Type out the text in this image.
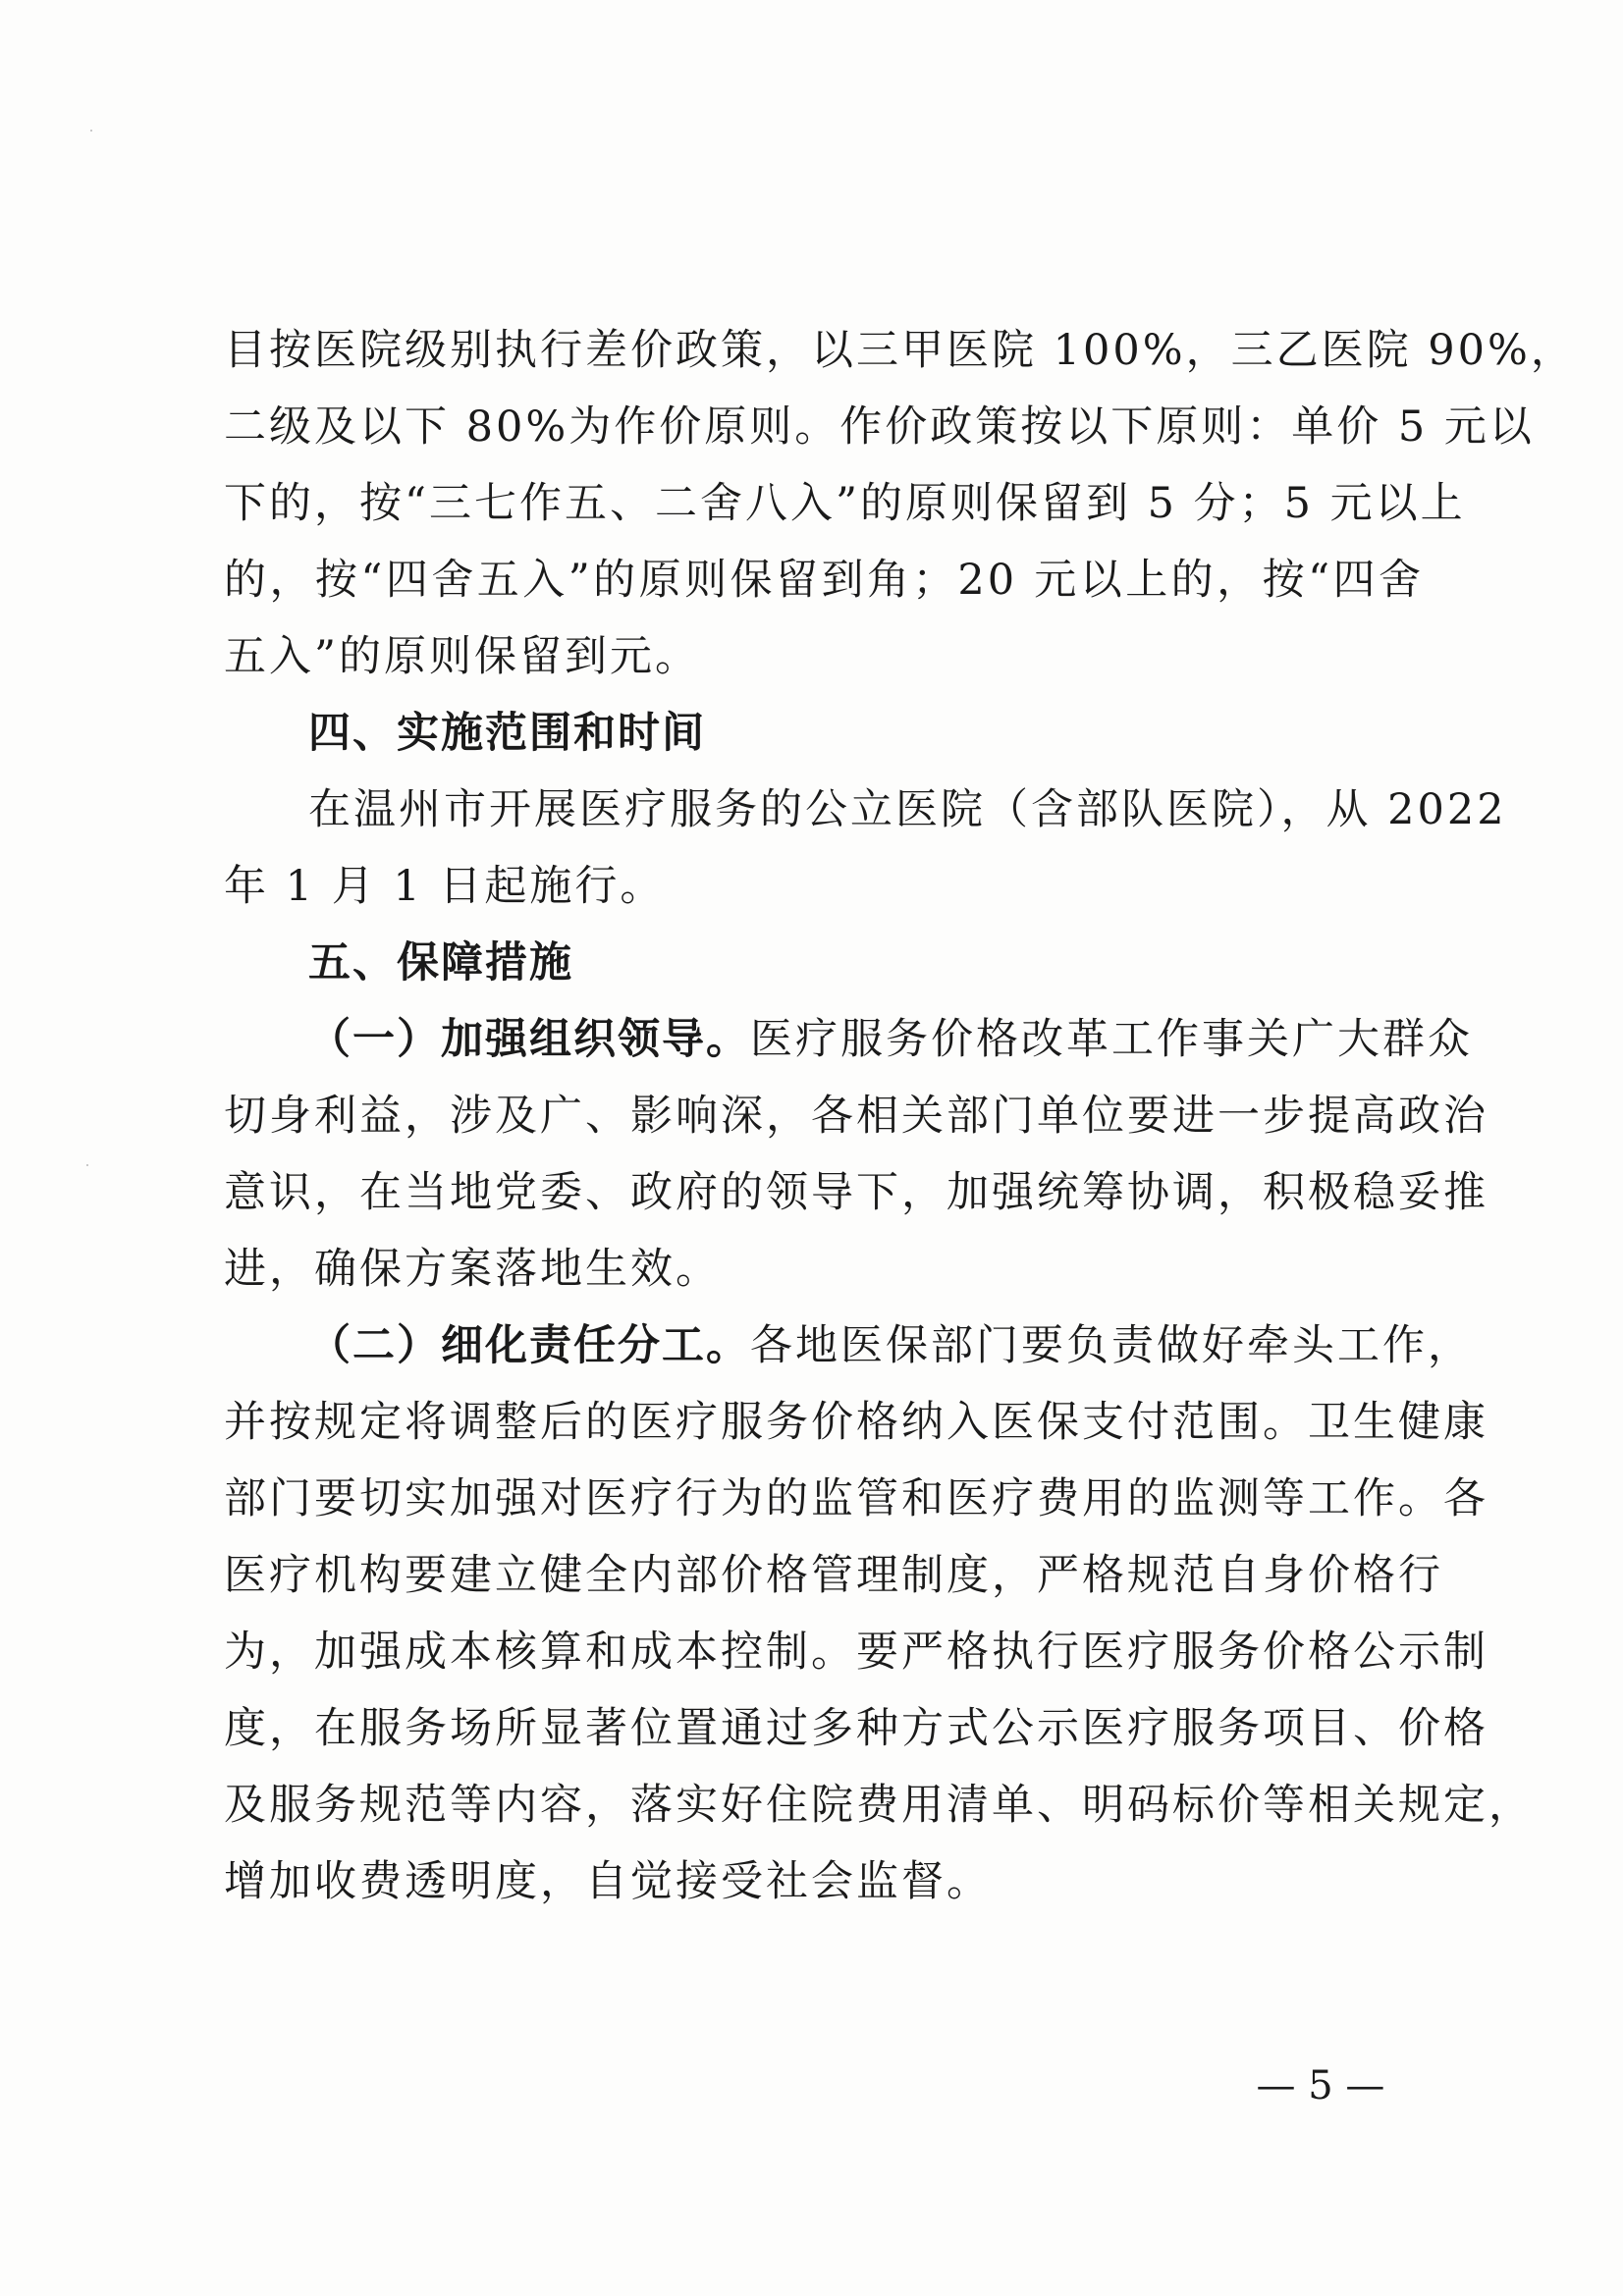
目按医院级别执行差价政策，以三甲医院 100%，三乙医院 90%，
二级及以下 80%为作价原则。作价政策按以下原则：单价 5 元以
下的，按“三七作五、二舍八入”的原则保留到 5 分；5 元以上
的，按“四舍五入”的原则保留到角；20 元以上的，按“四舍
五入”的原则保留到元。
四、实施范围和时间
在温州市开展医疗服务的公立医院（含部队医院），从 2022
年 1 月 1 日起施行。
五、保障措施
（一）加强组织领导。医疗服务价格改革工作事关广大群众
切身利益，涉及广、影响深，各相关部门单位要进一步提高政治
意识，在当地党委、政府的领导下，加强统筹协调，积极稳妥推
进，确保方案落地生效。
（二）细化责任分工。各地医保部门要负责做好牵头工作，
并按规定将调整后的医疗服务价格纳入医保支付范围。卫生健康
部门要切实加强对医疗行为的监管和医疗费用的监测等工作。各
医疗机构要建立健全内部价格管理制度，严格规范自身价格行
为，加强成本核算和成本控制。要严格执行医疗服务价格公示制
度，在服务场所显著位置通过多种方式公示医疗服务项目、价格
及服务规范等内容，落实好住院费用清单、明码标价等相关规定，
增加收费透明度，自觉接受社会监督。
— 5 —
